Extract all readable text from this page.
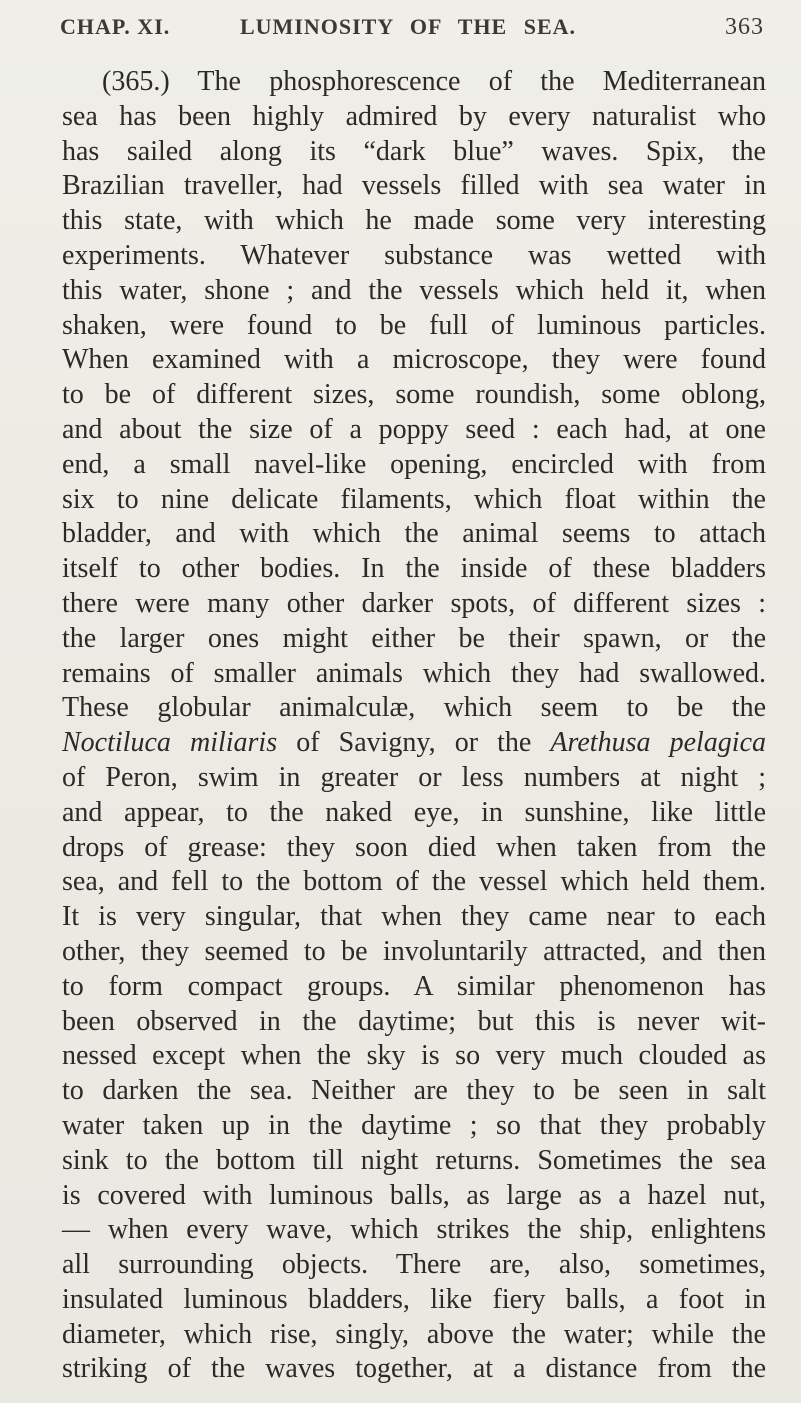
CHAP. XI.	LUMINOSITY OF THE SEA.	363
(365.) The phosphorescence of the Mediterranean
sea has been highly admired by every naturalist who
has sailed along its “dark blue” waves. Spix, the
Brazilian traveller, had vessels filled with sea water in
this state, with which he made some very interesting
experiments. Whatever substance was wetted with
this water, shone ; and the vessels which held it, when
shaken, were found to be full of luminous particles.
When examined with a microscope, they were found
to be of different sizes, some roundish, some oblong,
and about the size of a poppy seed : each had, at one
end, a small navel-like opening, encircled with from
six to nine delicate filaments, which float within the
bladder, and with which the animal seems to attach
itself to other bodies. In the inside of these bladders
there were many other darker spots, of different sizes :
the larger ones might either be their spawn, or the
remains of smaller animals which they had swallowed.
These globular animalculæ, which seem to be the
Noctiluca miliaris of Savigny, or the Arethusa pelagica
of Peron, swim in greater or less numbers at night ;
and appear, to the naked eye, in sunshine, like little
drops of grease: they soon died when taken from the
sea, and fell to the bottom of the vessel which held them.
It is very singular, that when they came near to each
other, they seemed to be involuntarily attracted, and then
to form compact groups. A similar phenomenon has
been observed in the daytime; but this is never wit-
nessed except when the sky is so very much clouded as
to darken the sea. Neither are they to be seen in salt
water taken up in the daytime ; so that they probably
sink to the bottom till night returns. Sometimes the sea
is covered with luminous balls, as large as a hazel nut,
— when every wave, which strikes the ship, enlightens
all surrounding objects. There are, also, sometimes,
insulated luminous bladders, like fiery balls, a foot in
diameter, which rise, singly, above the water; while the
striking of the waves together, at a distance from the
